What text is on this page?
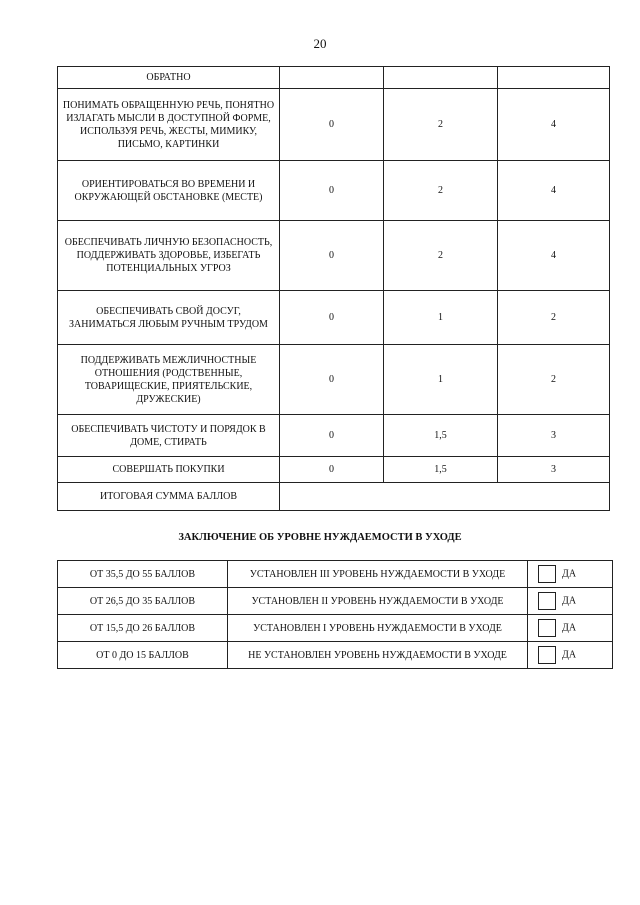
20
ОБРАТНО			
ПОНИМАТЬ ОБРАЩЕННУЮ РЕЧЬ, ПОНЯТНО ИЗЛАГАТЬ МЫСЛИ В ДОСТУПНОЙ ФОРМЕ, ИСПОЛЬЗУЯ РЕЧЬ, ЖЕСТЫ, МИМИКУ, ПИСЬМО, КАРТИНКИ	0	2	4
ОРИЕНТИРОВАТЬСЯ ВО ВРЕМЕНИ И ОКРУЖАЮЩЕЙ ОБСТАНОВКЕ (МЕСТЕ)	0	2	4
ОБЕСПЕЧИВАТЬ ЛИЧНУЮ БЕЗОПАСНОСТЬ, ПОДДЕРЖИВАТЬ ЗДОРОВЬЕ, ИЗБЕГАТЬ ПОТЕНЦИАЛЬНЫХ УГРОЗ	0	2	4
ОБЕСПЕЧИВАТЬ СВОЙ ДОСУГ, ЗАНИМАТЬСЯ ЛЮБЫМ РУЧНЫМ ТРУДОМ	0	1	2
ПОДДЕРЖИВАТЬ МЕЖЛИЧНОСТНЫЕ ОТНОШЕНИЯ (РОДСТВЕННЫЕ, ТОВАРИЩЕСКИЕ, ПРИЯТЕЛЬСКИЕ, ДРУЖЕСКИЕ)	0	1	2
ОБЕСПЕЧИВАТЬ ЧИСТОТУ И ПОРЯДОК В ДОМЕ, СТИРАТЬ	0	1,5	3
СОВЕРШАТЬ ПОКУПКИ	0	1,5	3
ИТОГОВАЯ СУММА БАЛЛОВ			
ЗАКЛЮЧЕНИЕ ОБ УРОВНЕ НУЖДАЕМОСТИ В УХОДЕ
ОТ 35,5 ДО 55 БАЛЛОВ	УСТАНОВЛЕН III УРОВЕНЬ НУЖДАЕМОСТИ В УХОДЕ	ДА
ОТ 26,5 ДО 35 БАЛЛОВ	УСТАНОВЛЕН II УРОВЕНЬ НУЖДАЕМОСТИ В УХОДЕ	ДА
ОТ 15,5 ДО 26 БАЛЛОВ	УСТАНОВЛЕН I УРОВЕНЬ НУЖДАЕМОСТИ В УХОДЕ	ДА
ОТ 0 ДО 15 БАЛЛОВ	НЕ УСТАНОВЛЕН УРОВЕНЬ НУЖДАЕМОСТИ В УХОДЕ	ДА
